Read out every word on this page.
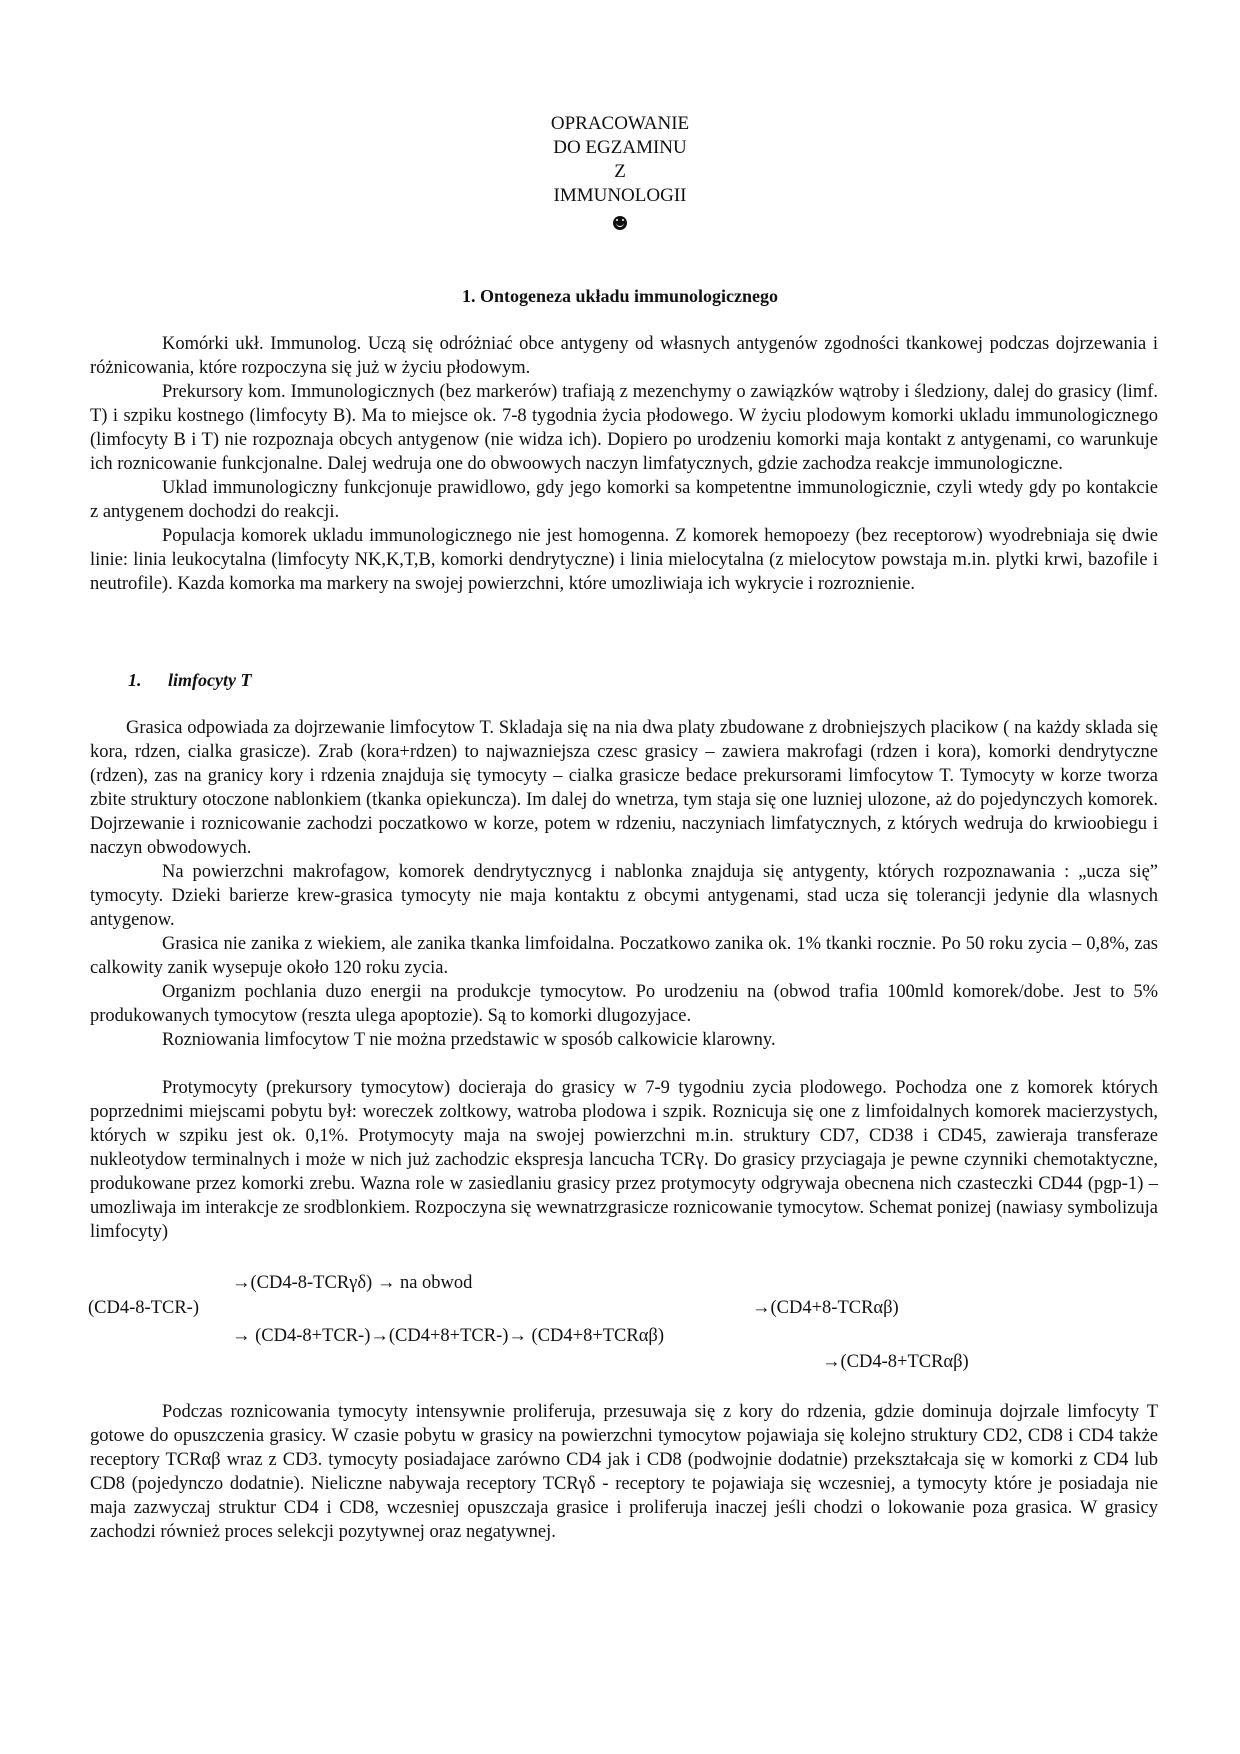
OPRACOWANIE
DO EGZAMINU
Z
IMMUNOLOGII
1. Ontogeneza układu immunologicznego

Komórki ukł. Immunolog. Uczą się odróżniać obce antygeny od własnych antygenów zgodności tkankowej podczas dojrzewania i różnicowania, które rozpoczyna się już w życiu płodowym.

Prekursory kom. Immunologicznych (bez markerów) trafiają z mezenchymy o zawiązków wątroby i śledziony, dalej do grasicy (limf. T) i szpiku kostnego (limfocyty B). Ma to miejsce ok. 7-8 tygodnia życia płodowego. W życiu plodowym komorki ukladu immunologicznego (limfocyty B i T) nie rozpoznaja obcych antygenow (nie widza ich). Dopiero po urodzeniu komorki maja kontakt z antygenami, co warunkuje ich roznicowanie funkcjonalne. Dalej wedruja one do obwoowych naczyn limfatycznych, gdzie zachodza reakcje immunologiczne.

Uklad immunologiczny funkcjonuje prawidlowo, gdy jego komorki sa kompetentne immunologicznie, czyli wtedy gdy po kontakcie z antygenem dochodzi do reakcji.

Populacja komorek ukladu immunologicznego nie jest homogenna. Z komorek hemopoezy (bez receptorow) wyodrebniaja się dwie linie: linia leukocytalna (limfocyty NK,K,T,B, komorki dendrytyczne) i linia mielocytalna (z mielocytow powstaja m.in. plytki krwi, bazofile i neutrofile). Kazda komorka ma markery na swojej powierzchni, które umozliwiaja ich wykrycie i rozroznienie.

1. limfocyty T

Grasica odpowiada za dojrzewanie limfocytow T. Skladaja się na nia dwa platy zbudowane z drobniejszych placikow ( na każdy sklada się kora, rdzen, cialka grasicze). Zrab (kora+rdzen) to najwazniejsza czesc grasicy – zawiera makrofagi (rdzen i kora), komorki dendrytyczne (rdzen), zas na granicy kory i rdzenia znajduja się tymocyty – cialka grasicze bedace prekursorami limfocytow T. Tymocyty w korze tworza zbite struktury otoczone nablonkiem (tkanka opiekuncza). Im dalej do wnetrza, tym staja się one luzniej ulozone, aż do pojedynczych komorek. Dojrzewanie i roznicowanie zachodzi poczatkowo w korze, potem w rdzeniu, naczyniach limfatycznych, z których wedruja do krwioobiegu i naczyn obwodowych.

Na powierzchni makrofagow, komorek dendrytycznycg i nablonka znajduja się antygenty, których rozpoznawania : „ucza się” tymocyty. Dzieki barierze krew-grasica tymocyty nie maja kontaktu z obcymi antygenami, stad ucza się tolerancji jedynie dla wlasnych antygenow.

Grasica nie zanika z wiekiem, ale zanika tkanka limfoidalna. Poczatkowo zanika ok. 1% tkanki rocznie. Po 50 roku zycia – 0,8%, zas calkowity zanik wysepuje około 120 roku zycia.

Organizm pochlania duzo energii na produkcje tymocytow. Po urodzeniu na (obwod trafia 100mld komorek/dobe. Jest to 5% produkowanych tymocytow (reszta ulega apoptozie). Są to komorki dlugozyjace.

Rozniowania limfocytow T nie można przedstawic w sposób calkowicie klarowny.

Protymocyty (prekursory tymocytow) docieraja do grasicy w 7-9 tygodniu zycia plodowego. Pochodza one z komorek których poprzednimi miejscami pobytu był: woreczek zoltkowy, watroba plodowa i szpik. Roznicuja się one z limfoidalnych komorek macierzystych, których w szpiku jest ok. 0,1%. Protymocyty maja na swojej powierzchni m.in. struktury CD7, CD38 i CD45, zawieraja transferaze nukleotydow terminalnych i może w nich już zachodzic ekspresja lancucha TCRγ. Do grasicy przyciagaja je pewne czynniki chemotaktyczne, produkowane przez komorki zrebu. Wazna role w zasiedlaniu grasicy przez protymocyty odgrywaja obecnena nich czasteczki CD44 (pgp-1) – umozliwaja im interakcje ze srodblonkiem. Rozpoczyna się wewnatrzgrasicze roznicowanie tymocytow. Schemat ponizej (nawiasy symbolizuja limfocyty)

(CD4-8-TCR-)
→(CD4-8-TCRγδ) → na obwod
→ (CD4-8+TCR-)→(CD4+8+TCR-)→ (CD4+8+TCRαβ)
→(CD4+8-TCRαβ)
→(CD4-8+TCRαβ)

Podczas roznicowania tymocyty intensywnie proliferuja, przesuwaja się z kory do rdzenia, gdzie dominuja dojrzale limfocyty T gotowe do opuszczenia grasicy. W czasie pobytu w grasicy na powierzchni tymocytow pojawiaja się kolejno struktury CD2, CD8 i CD4 także receptory TCRαβ wraz z CD3. tymocyty posiadajace zarówno CD4 jak i CD8 (podwojnie dodatnie) przekształcaja się w komorki z CD4 lub CD8 (pojedynczo dodatnie). Nieliczne nabywaja receptory TCRγδ - receptory te pojawiaja się wczesniej, a tymocyty które je posiadaja nie maja zazwyczaj struktur CD4 i CD8, wczesniej opuszczaja grasice i proliferuja inaczej jeśli chodzi o lokowanie poza grasica. W grasicy zachodzi również proces selekcji pozytywnej oraz negatywnej.
